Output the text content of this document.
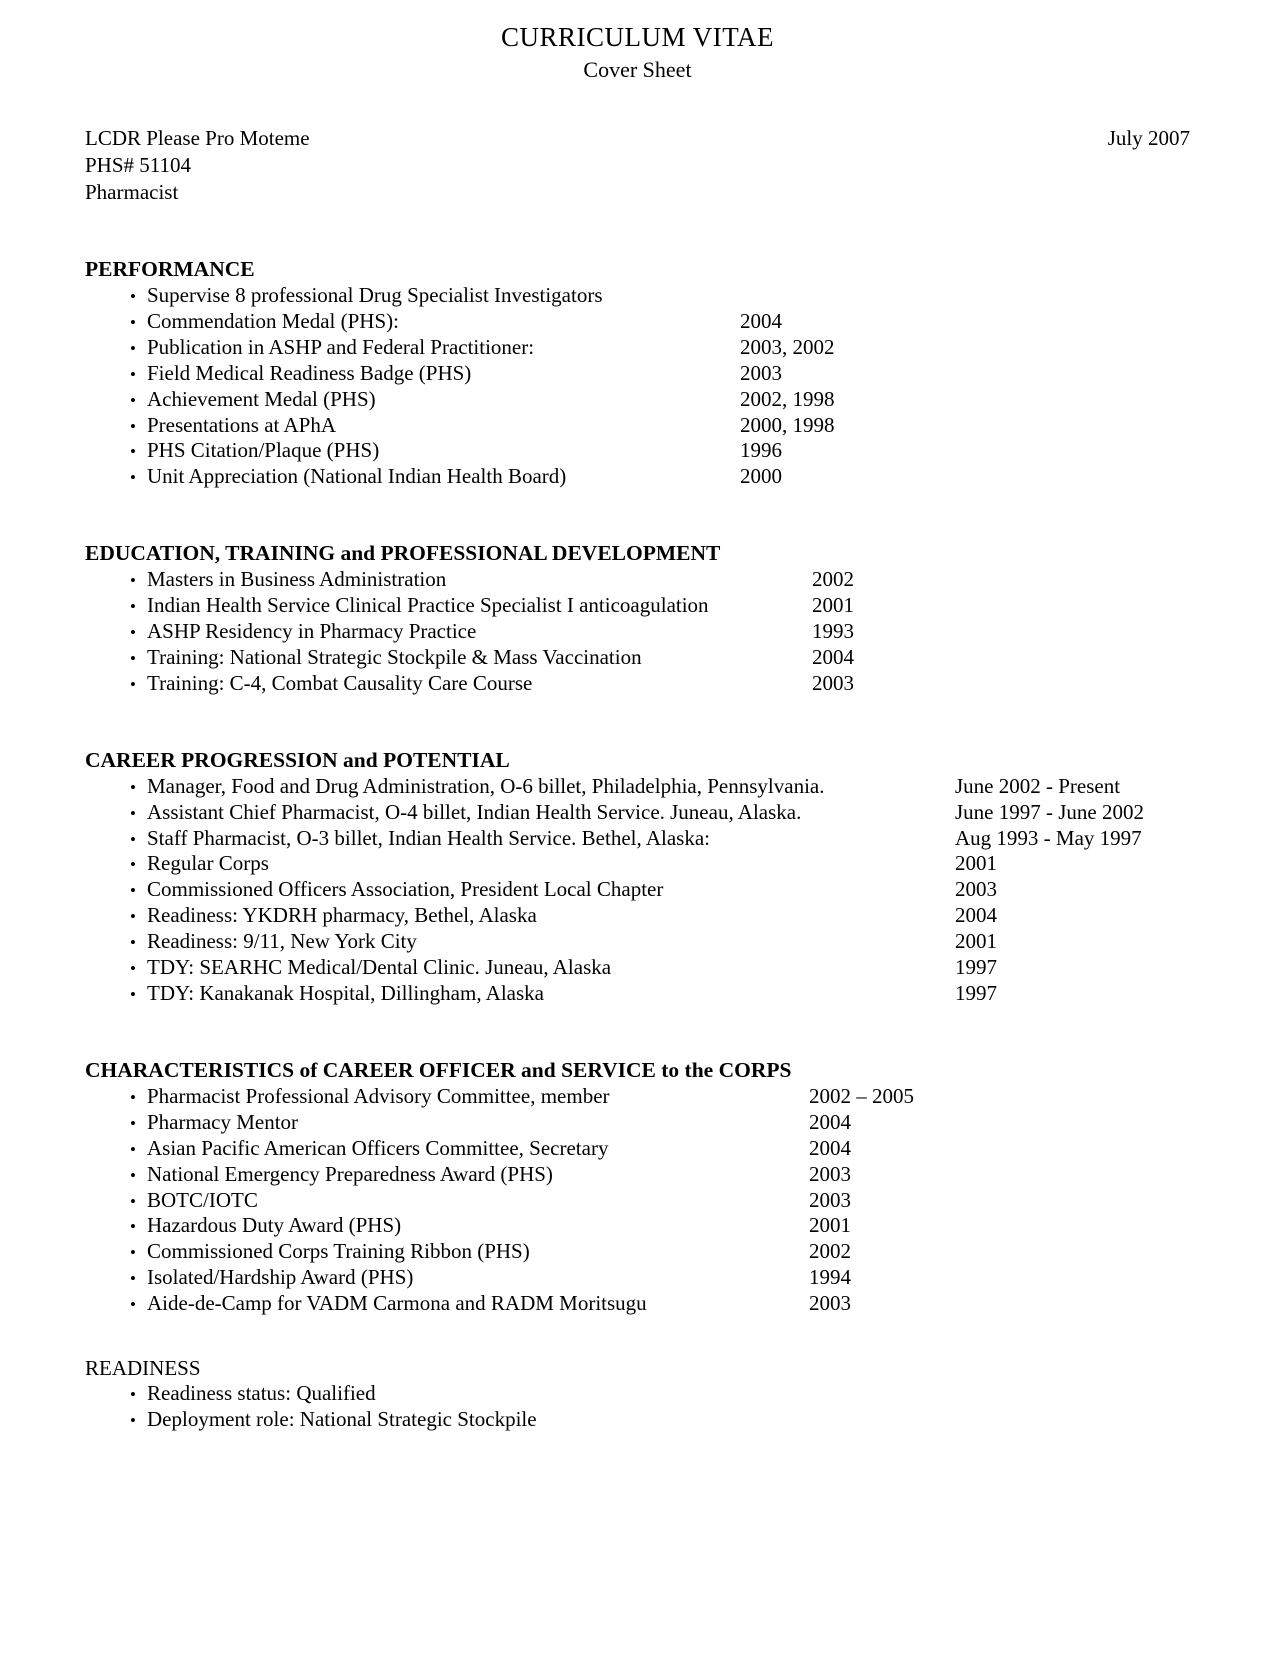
CURRICULUM VITAE
Cover Sheet
LCDR Please Pro Moteme	July 2007
PHS# 51104
Pharmacist
PERFORMANCE
• Supervise 8 professional Drug Specialist Investigators
• Commendation Medal (PHS):	2004
• Publication in ASHP and Federal Practitioner:	2003, 2002
• Field Medical Readiness Badge (PHS)	2003
• Achievement Medal (PHS)	2002, 1998
• Presentations at APhA	2000, 1998
• PHS Citation/Plaque (PHS)	1996
• Unit Appreciation (National Indian Health Board)	2000
EDUCATION, TRAINING and PROFESSIONAL DEVELOPMENT
• Masters in Business Administration	2002
• Indian Health Service Clinical Practice Specialist I anticoagulation	2001
• ASHP Residency in Pharmacy Practice	1993
• Training: National Strategic Stockpile & Mass Vaccination	2004
• Training: C-4, Combat Causality Care Course	2003
CAREER PROGRESSION and POTENTIAL
• Manager, Food and Drug Administration, O-6 billet, Philadelphia, Pennsylvania.	June 2002 - Present
• Assistant Chief Pharmacist, O-4 billet, Indian Health Service. Juneau, Alaska.	June 1997 - June 2002
• Staff Pharmacist, O-3 billet, Indian Health Service. Bethel, Alaska:	Aug 1993 - May 1997
• Regular Corps	2001
• Commissioned Officers Association, President Local Chapter	2003
• Readiness: YKDRH pharmacy, Bethel, Alaska	2004
• Readiness: 9/11, New York City	2001
• TDY: SEARHC Medical/Dental Clinic. Juneau, Alaska	1997
• TDY: Kanakanak Hospital, Dillingham, Alaska	1997
CHARACTERISTICS of CAREER OFFICER and SERVICE to the CORPS
• Pharmacist Professional Advisory Committee, member	2002 – 2005
• Pharmacy Mentor	2004
• Asian Pacific American Officers Committee, Secretary	2004
• National Emergency Preparedness Award (PHS)	2003
• BOTC/IOTC	2003
• Hazardous Duty Award (PHS)	2001
• Commissioned Corps Training Ribbon (PHS)	2002
• Isolated/Hardship Award (PHS)	1994
• Aide-de-Camp for VADM Carmona and RADM Moritsugu	2003
READINESS
• Readiness status: Qualified
• Deployment role: National Strategic Stockpile
